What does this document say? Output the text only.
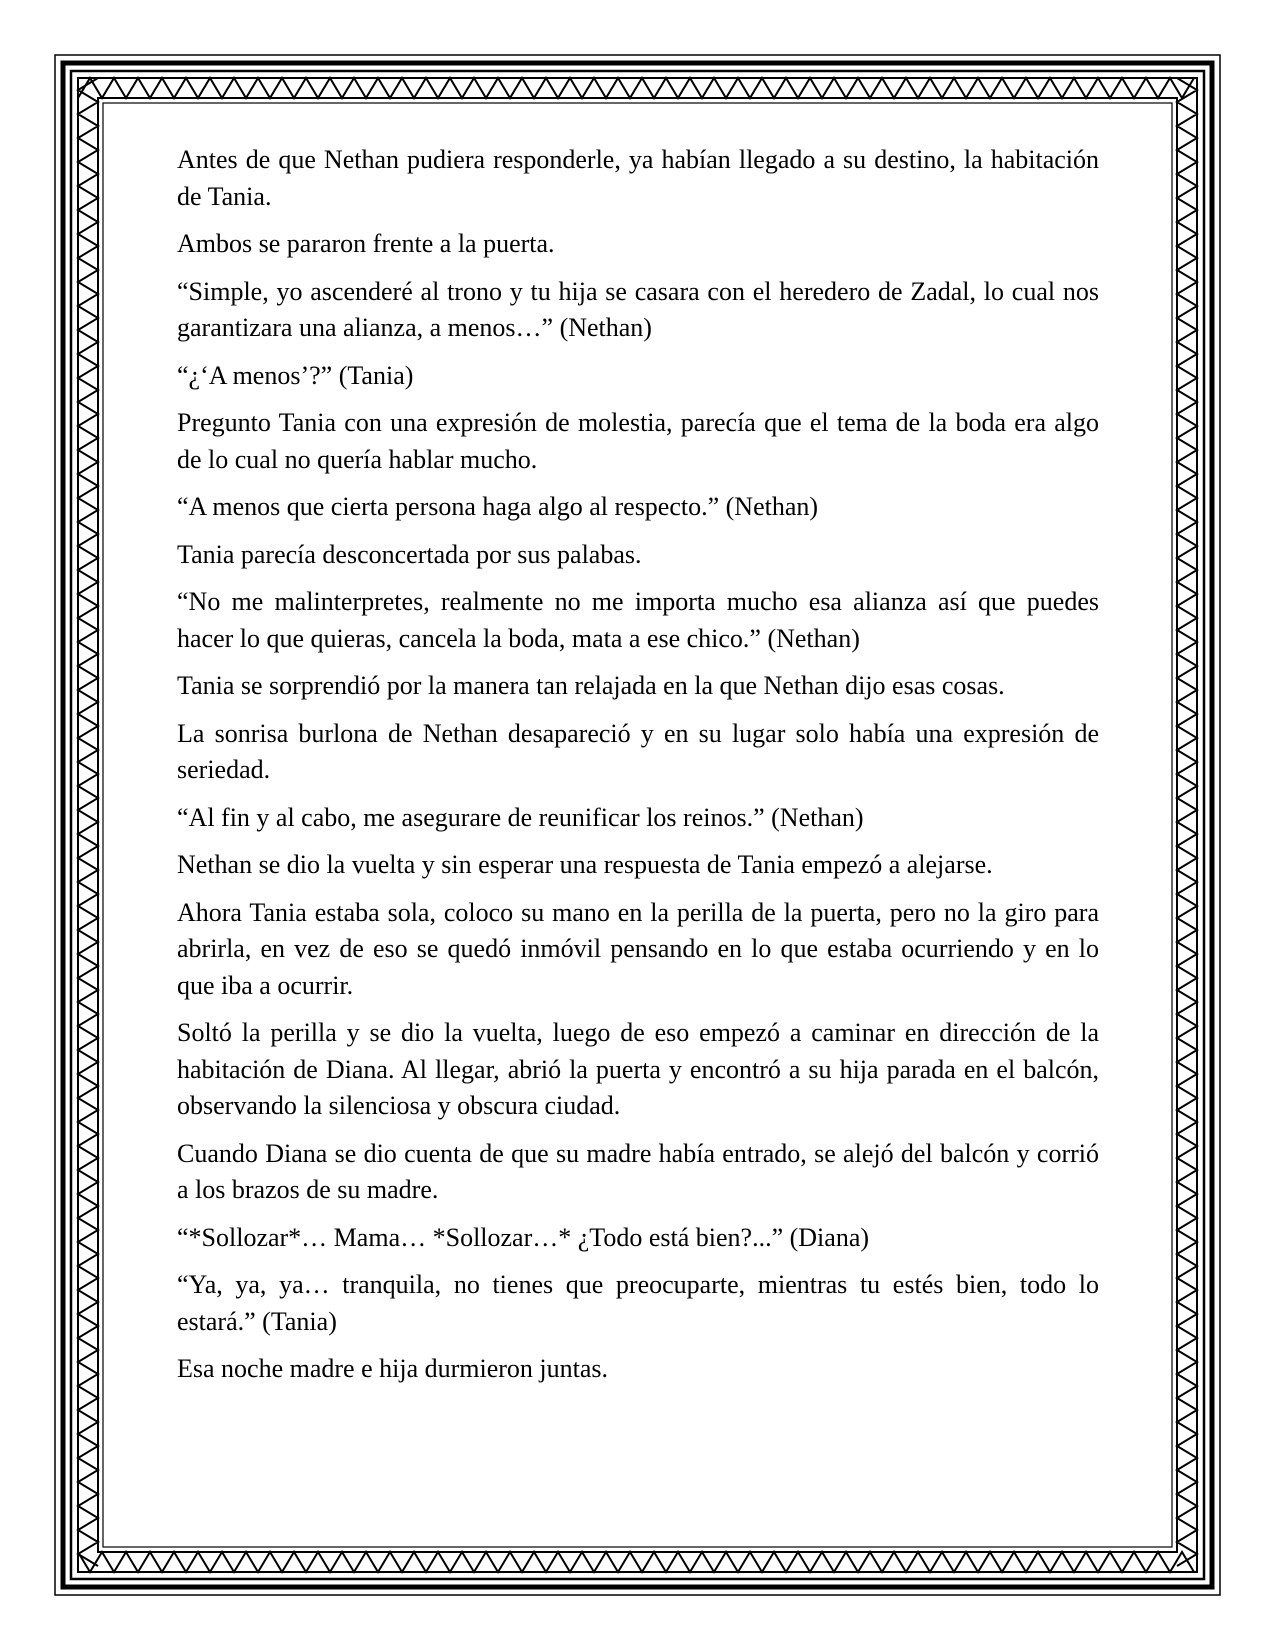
Antes de que Nethan pudiera responderle, ya habían llegado a su destino, la habitación de Tania.

Ambos se pararon frente a la puerta.

“Simple, yo ascenderé al trono y tu hija se casara con el heredero de Zadal, lo cual nos garantizara una alianza, a menos…” (Nethan)

“¿‘A menos’?” (Tania)

Pregunto Tania con una expresión de molestia, parecía que el tema de la boda era algo de lo cual no quería hablar mucho.

“A menos que cierta persona haga algo al respecto.” (Nethan)

Tania parecía desconcertada por sus palabas.

“No me malinterpretes, realmente no me importa mucho esa alianza así que puedes hacer lo que quieras, cancela la boda, mata a ese chico.” (Nethan)

Tania se sorprendió por la manera tan relajada en la que Nethan dijo esas cosas.

La sonrisa burlona de Nethan desapareció y en su lugar solo había una expresión de seriedad.

“Al fin y al cabo, me asegurare de reunificar los reinos.” (Nethan)

Nethan se dio la vuelta y sin esperar una respuesta de Tania empezó a alejarse.

Ahora Tania estaba sola, coloco su mano en la perilla de la puerta, pero no la giro para abrirla, en vez de eso se quedó inmóvil pensando en lo que estaba ocurriendo y en lo que iba a ocurrir.

Soltó la perilla y se dio la vuelta, luego de eso empezó a caminar en dirección de la habitación de Diana. Al llegar, abrió la puerta y encontró a su hija parada en el balcón, observando la silenciosa y obscura ciudad.

Cuando Diana se dio cuenta de que su madre había entrado, se alejó del balcón y corrió a los brazos de su madre.

“*Sollozar*… Mama… *Sollozar…* ¿Todo está bien?...” (Diana)

“Ya, ya, ya… tranquila, no tienes que preocuparte, mientras tu estés bien, todo lo estará.” (Tania)

Esa noche madre e hija durmieron juntas.
